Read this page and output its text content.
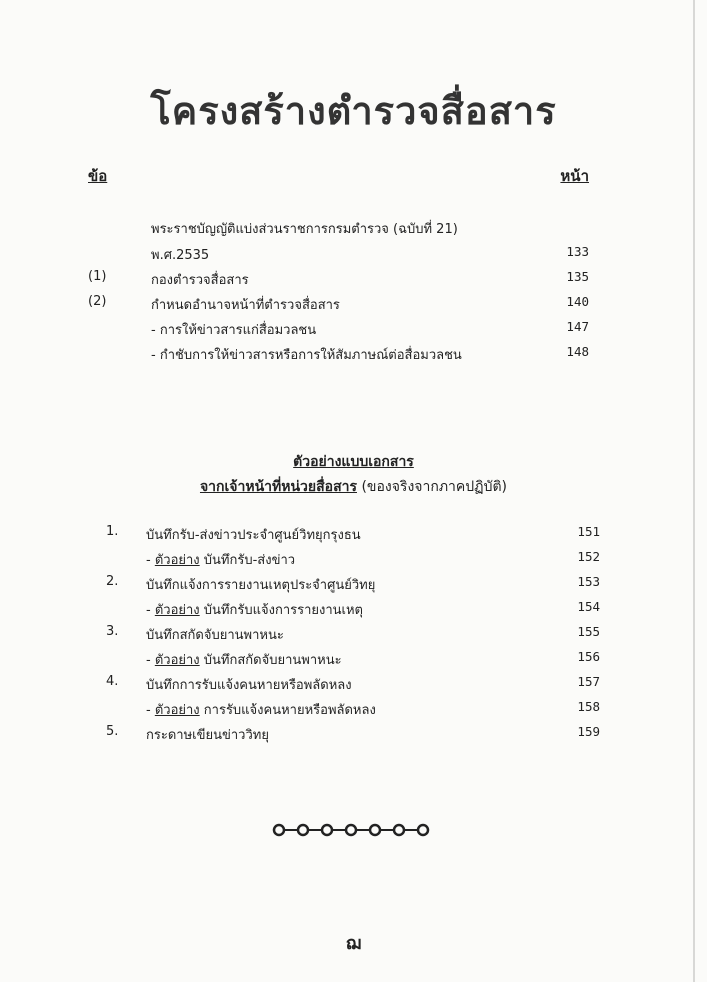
โครงสร้างตำรวจสื่อสาร
ข้อ	หน้า
พระราชบัญญัติแบ่งส่วนราชการกรมตำรวจ (ฉบับที่ 21)
พ.ศ.2535	133
(1)	กองตำรวจสื่อสาร	135
(2)	กำหนดอำนาจหน้าที่ตำรวจสื่อสาร	140
- การให้ข่าวสารแก่สื่อมวลชน	147
- กำชับการให้ข่าวสารหรือการให้สัมภาษณ์ต่อสื่อมวลชน	148
ตัวอย่างแบบเอกสาร
จากเจ้าหน้าที่หน่วยสื่อสาร (ของจริงจากภาคปฏิบัติ)
1.	บันทึกรับ-ส่งข่าวประจำศูนย์วิทยุกรุงธน	151
- ตัวอย่าง บันทึกรับ-ส่งข่าว	152
2.	บันทึกแจ้งการรายงานเหตุประจำศูนย์วิทยุ	153
- ตัวอย่าง บันทึกรับแจ้งการรายงานเหตุ	154
3.	บันทึกสกัดจับยานพาหนะ	155
- ตัวอย่าง บันทึกสกัดจับยานพาหนะ	156
4.	บันทึกการรับแจ้งคนหายหรือพลัดหลง	157
- ตัวอย่าง การรับแจ้งคนหายหรือพลัดหลง	158
5.	กระดาษเขียนข่าววิทยุ	159
ฌ
